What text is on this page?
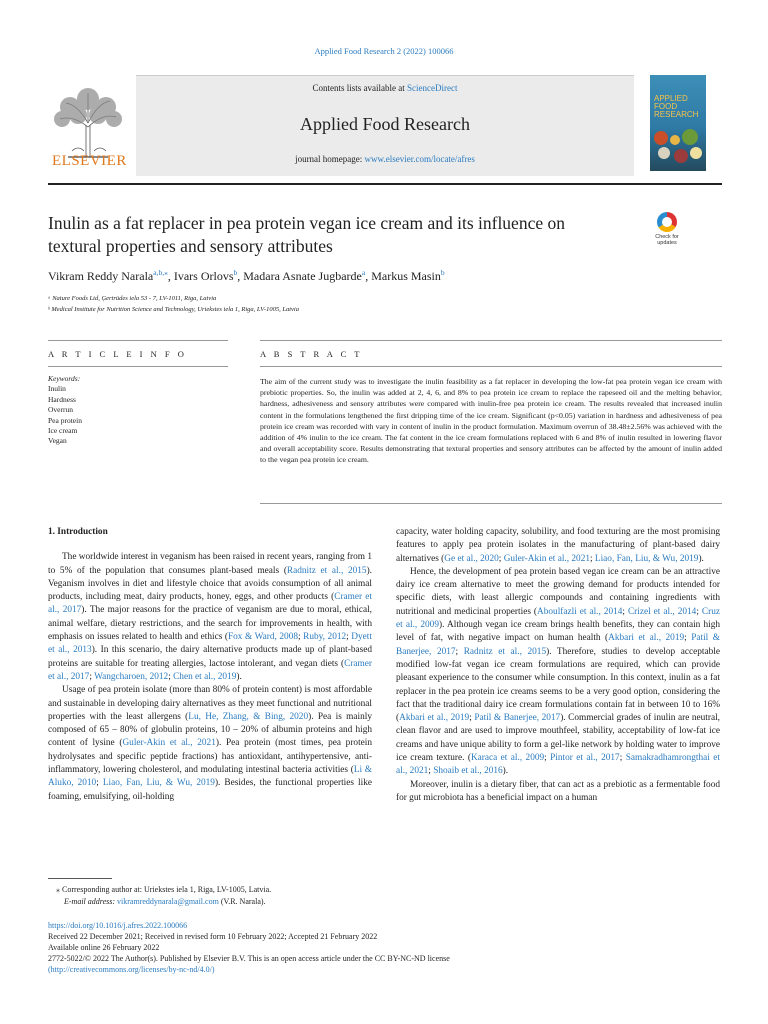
Applied Food Research 2 (2022) 100066
ELSEVIER
Contents lists available at ScienceDirect
Applied Food Research
journal homepage: www.elsevier.com/locate/afres
APPLIED
FOOD
RESEARCH
Inulin as a fat replacer in pea protein vegan ice cream and its influence on
textural properties and sensory attributes	Check for
updates
Vikram Reddy Narala$^{a,b,⁎}$, Ivars Orlovs$^b$, Madara Asnate Jugbarde$^a$, Markus Masin$^b$
ᵃ Nature Foods Ltd, Ģertrūdes iela 53 - 7, LV-1011, Riga, Latvia
ᵇ Medical Institute for Nutrition Science and Technology, Uriekstes iela 1, Riga, LV-1005, Latvia
A R T I C L E I N F O	A B S T R A C T
Keywords:
Inulin
Hardness
Overrun
Pea protein
Ice cream
Vegan
The aim of the current study was to investigate the inulin feasibility as a fat replacer in developing the low-fat pea protein vegan ice cream with prebiotic properties. So, the inulin was added at 2, 4, 6, and 8% to pea protein ice cream to replace the rapeseed oil and the melting behavior, hardness, adhesiveness and sensory attributes were compared with inulin-free pea protein ice cream. The results revealed that increased inulin content in the formulations lengthened the first dripping time of the ice cream. Significant (p<0.05) variation in hardness and adhesiveness of pea protein ice cream was recorded with vary in content of inulin in the product formulation. Maximum overrun of 38.48±2.56% was achieved with the addition of 4% inulin to the ice cream. The fat content in the ice cream formulations replaced with 6 and 8% of inulin resulted in lowering flavor and overall acceptability score. Results demonstrating that textural properties and sensory attributes can be affected by the amount of inulin added to the vegan pea protein ice cream.

1. Introduction

The worldwide interest in veganism has been raised in recent years, ranging from 1 to 5% of the population that consumes plant-based meals (Radnitz et al., 2015). Veganism involves in diet and lifestyle choice that avoids consumption of all animal products, including meat, dairy products, honey, eggs, and other products (Cramer et al., 2017). The major reasons for the practice of veganism are due to moral, ethical, animal welfare, dietary restrictions, and the search for improvements in health, with emphasis on issues related to health and ethics (Fox & Ward, 2008; Ruby, 2012; Dyett et al., 2013). In this scenario, the dairy alternative products made up of plant-based proteins are suitable for treating allergies, lactose intolerant, and vegan diets (Cramer et al., 2017; Wangcharoen, 2012; Chen et al., 2019).

Usage of pea protein isolate (more than 80% of protein content) is most affordable and sustainable in developing dairy alternatives as they meet functional and nutritional properties with the least allergens (Lu, He, Zhang, & Bing, 2020). Pea is mainly composed of 65 – 80% of globulin proteins, 10 – 20% of albumin proteins and high content of lysine (Guler-Akin et al., 2021). Pea protein (most times, pea protein hydrolysates and specific peptide fractions) has antioxidant, antihypertensive, anti-inflammatory, lowering cholesterol, and modulating intestinal bacteria activities (Li & Aluko, 2010; Liao, Fan, Liu, & Wu, 2019). Besides, the functional properties like foaming, emulsifying, oil-holding

capacity, water holding capacity, solubility, and food texturing are the most promising features to apply pea protein isolates in the manufacturing of plant-based dairy alternatives (Ge et al., 2020; Guler-Akin et al., 2021; Liao, Fan, Liu, & Wu, 2019).

Hence, the development of pea protein based vegan ice cream can be an attractive dairy ice cream alternative to meet the growing demand for products intended for specific diets, with least allergic compounds and containing ingredients with nutritional and medicinal properties (Aboulfazli et al., 2014; Crizel et al., 2014; Cruz et al., 2009). Although vegan ice cream brings health benefits, they can contain high level of fat, with negative impact on human health (Akbari et al., 2019; Patil & Banerjee, 2017; Radnitz et al., 2015). Therefore, studies to develop acceptable modified low-fat vegan ice cream formulations are required, which can provide pleasant experience to the consumer while consumption. In this context, inulin as a fat replacer in the pea protein ice creams seems to be a very good option, considering the fact that the traditional dairy ice cream formulations contain fat in between 10 to 16% (Akbari et al., 2019; Patil & Banerjee, 2017). Commercial grades of inulin are neutral, clean flavor and are used to improve mouthfeel, stability, acceptability of low-fat ice creams and have unique ability to form a gel-like network by holding water to improve ice cream texture. (Karaca et al., 2009; Pintor et al., 2017; Samakradhamrongthai et al., 2021; Shoaib et al., 2016).

Moreover, inulin is a dietary fiber, that can act as a prebiotic as a fermentable food for gut microbiota has a beneficial impact on a human

⁎ Corresponding author at: Uriekstes iela 1, Riga, LV-1005, Latvia.
E-mail address: vikramreddynarala@gmail.com (V.R. Narala).
https://doi.org/10.1016/j.afres.2022.100066
Received 22 December 2021; Received in revised form 10 February 2022; Accepted 21 February 2022
Available online 26 February 2022
2772-5022/© 2022 The Author(s). Published by Elsevier B.V. This is an open access article under the CC BY-NC-ND license
(http://creativecommons.org/licenses/by-nc-nd/4.0/)
